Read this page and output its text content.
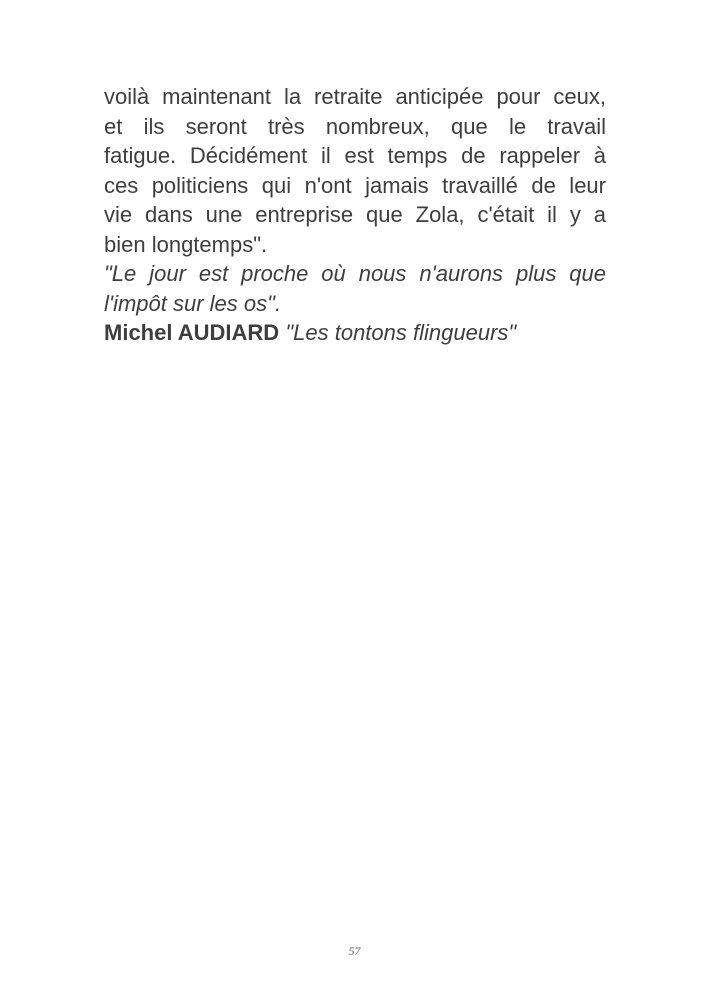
voilà maintenant la retraite anticipée pour ceux,
et ils seront très nombreux, que le travail
fatigue. Décidément il est temps de rappeler à
ces politiciens qui n'ont jamais travaillé de leur
vie dans une entreprise que Zola, c'était il y a
bien longtemps".
"Le jour est proche où nous n'aurons plus que
l'impôt sur les os".
Michel AUDIARD "Les tontons flingueurs"
57
